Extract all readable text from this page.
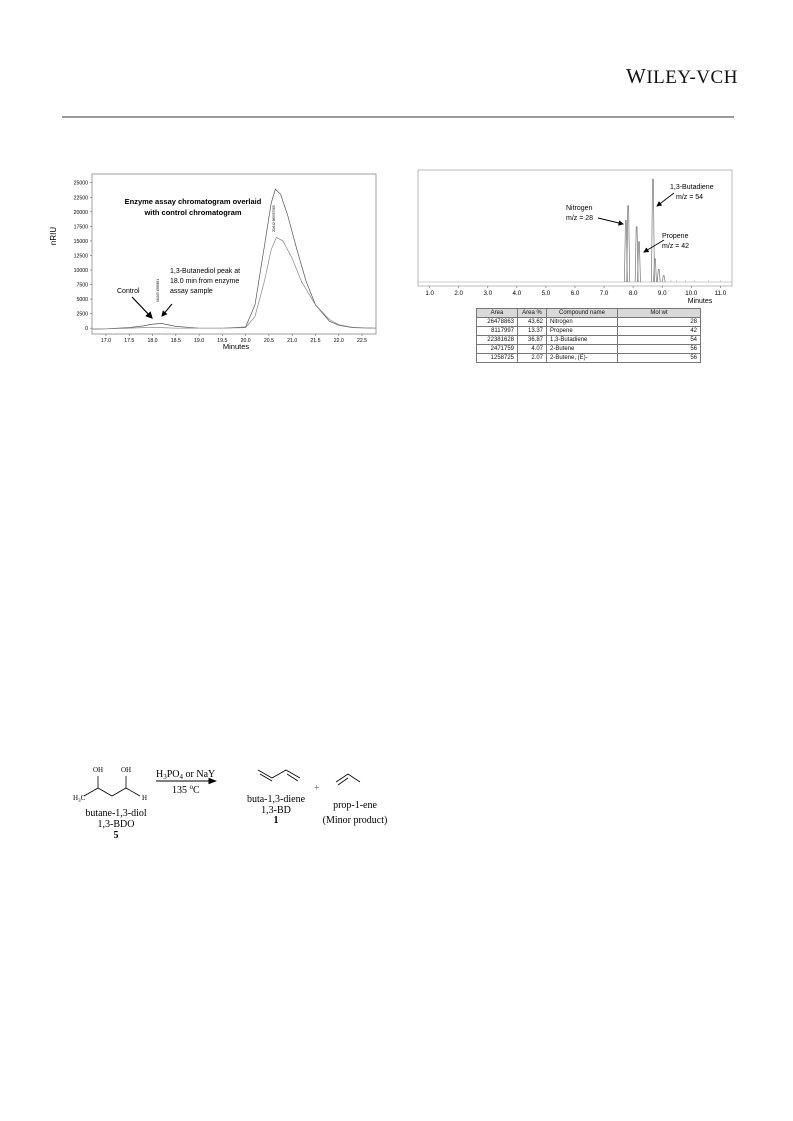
WILEY-VCH
25000
22500
20000
17500
15000
12500
10000
7500
5000
2500
0
17.0	17.5	18.0	18.5	19.0	19.5	20.0	20.5	21.0	21.5	22.0	22.5
nRIU
Minutes
Enzyme assay chromatogram overlaid
with control chromatogram
1,3-Butanediol peak at
18.0 min from enzyme
assay sample
Control	18.005 4585691
20.642 665957965
1.0	2.0	3.0	4.0	5.0	6.0	7.0	8.0	9.0	10.0	11.0
Minutes
Nitrogen
m/z = 28
1,3-Butadiene
m/z = 54
Propene
m/z = 42
Area	Area %	Compound name	Mol wt
26478863	43.62	Nitrogen	28
8117997	13.37	Propene	42
22381628	36.87	1,3-Butadiene	54
2471759	4.07	2-Butene	56
1258725	2.07	2-Butene, (E)-	56
OH	OH
$H_3C$	H
butane-1,3-diol
1,3-BDO
5
$H_3PO_4$ or NaY
135 $^o$C
buta-1,3-diene
1,3-BD
1
+
prop-1-ene
(Minor product)
